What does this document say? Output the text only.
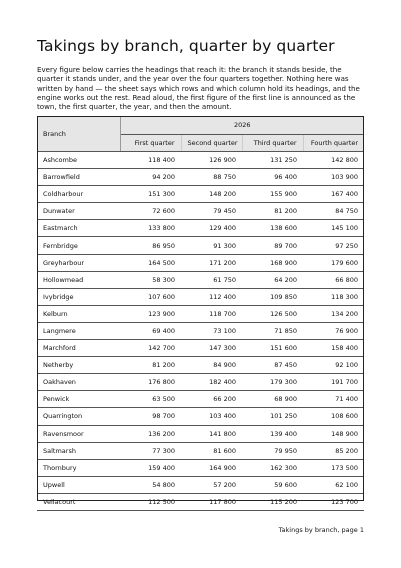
Takings by branch, quarter by quarter

Every figure below carries the headings that reach it: the branch it stands beside, the quarter it stands under, and the year over the four quarters together. Nothing here was written by hand — the sheet says which rows and which column hold its headings, and the engine works out the rest. Read aloud, the first figure of the first line is announced as the town, the first quarter, the year, and then the amount.

Branch	2026			
	First quarter	Second quarter	Third quarter	Fourth quarter
Ashcombe	118 400	126 900	131 250	142 800
Barrowfield	94 200	88 750	96 400	103 900
Coldharbour	151 300	148 200	155 900	167 400
Dunwater	72 600	79 450	81 200	84 750
Eastmarch	133 800	129 400	138 600	145 100
Fernbridge	86 950	91 300	89 700	97 250
Greyharbour	164 500	171 200	168 900	179 600
Hollowmead	58 300	61 750	64 200	66 800
Ivybridge	107 600	112 400	109 850	118 300
Kelburn	123 900	118 700	126 500	134 200
Langmere	69 400	73 100	71 850	76 900
Marchford	142 700	147 300	151 600	158 400
Netherby	81 200	84 900	87 450	92 100
Oakhaven	176 800	182 400	179 300	191 700
Penwick	63 500	66 200	68 900	71 400
Quarrington	98 700	103 400	101 250	108 600
Ravensmoor	136 200	141 800	139 400	148 900
Saltmarsh	77 300	81 600	79 950	85 200
Thornbury	159 400	164 900	162 300	173 500
Upwell	54 800	57 200	59 600	62 100
Vellacourt	112 500	117 800	115 200	123 700
Takings by branch, page 1
